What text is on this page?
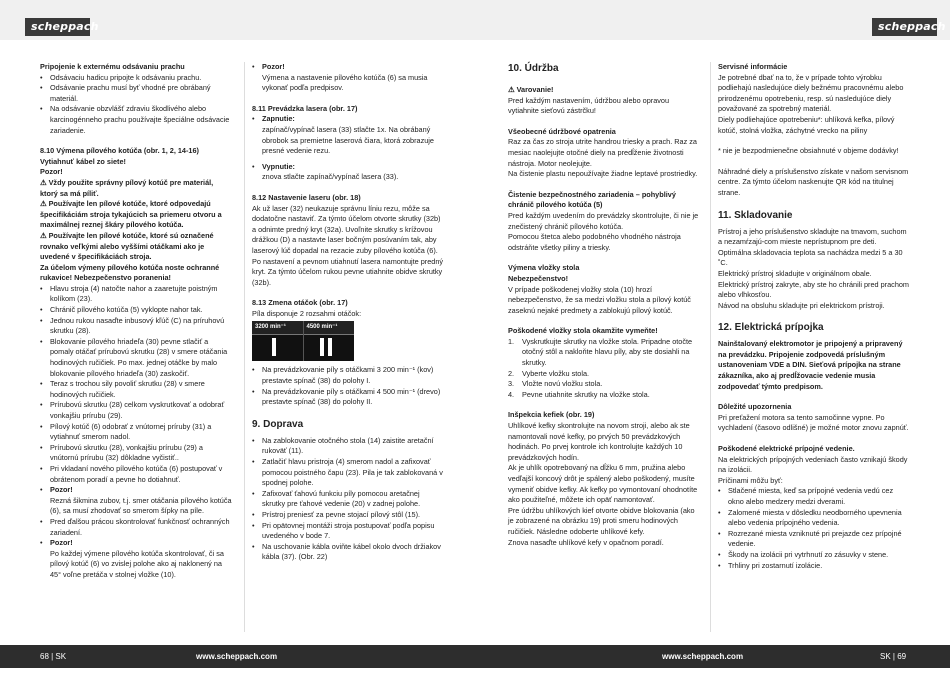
scheppach	scheppach

Pripojenie k externému odsávaniu prachu

• Odsávaciu hadicu pripojte k odsávaniu prachu.
• Odsávanie prachu musí byť vhodné pre obrábaný materiál.
• Na odsávanie obzvlášť zdraviu škodlivého alebo karcinogénneho prachu používajte špeciálne odsávacie zariadenie.

8.10 Výmena pílového kotúča (obr. 1, 2, 14-16)

Vytiahnuť kábel zo siete!

Pozor!

⚠ Vždy použite správny pílový kotúč pre materiál, ktorý sa má píliť.

⚠ Používajte len pílové kotúče, ktoré odpovedajú špecifikáciám stroja tykajúcich sa priemeru otvoru a maximálnej reznej škáry pílového kotúča.

⚠ Používajte len pílové kotúče, ktoré sú označené rovnako veľkými alebo vyššími otáčkami ako je uvedené v špecifikáciách stroja.

Za účelom výmeny pílového kotúča noste ochranné rukavice! Nebezpečenstvo poranenia!

• Hlavu stroja (4) natočte nahor a zaaretujte poistným kolíkom (23).
• Chránič pílového kotúča (5) vyklopte nahor tak.
• Jednou rukou nasaďte inbusový kľúč (C) na príruhovú skrutku (28).
• Blokovanie pílového hriadeľa (30) pevne stlačiť a pomaly otáčať prírubovú skrutku (28) v smere otáčania hodinových ručičiek. Po max. jednej otáčke by malo blokovanie pílového hriadeľa (30) zaskočiť.
• Teraz s trochou sily povoliť skrutku (28) v smere hodinových ručičiek.
• Prírubovú skrutku (28) celkom vyskrutkovať a odobrať vonkajšiu prírubu (29).
• Pílový kotúč (6) odobrať z vnútornej príruby (31) a vytiahnuť smerom nadol.
• Prírubovú skrutku (28), vonkajšiu prírubu (29) a vnútornú prírubu (32) dôkladne vyčistiť..
• Pri vkladaní nového pílového kotúča (6) postupovať v obrátenom poradí a pevne ho dotiahnuť.
• Pozor!

Rezná šikmina zubov, t.j. smer otáčania pílového kotúča (6), sa musí zhodovať so smerom šípky na píle.

• Pred ďalšou prácou skontrolovať funkčnosť ochranných zariadení.
• Pozor!

Po každej výmene pílového kotúča skontrolovať, či sa pílový kotúč (6) vo zvislej polohe ako aj naklonený na 45° voľne pretáča v stolnej vložke (10).

• Pozor!

Výmena a nastavenie pílového kotúča (6) sa musia vykonať podľa predpisov.

8.11 Prevádzka lasera (obr. 17)

• Zapnutie:

zapínač/vypínač lasera (33) stlačte 1x. Na obrábaný obrobok sa premietne laserová čiara, ktorá zobrazuje presné vedenie rezu.

• Vypnutie:

znova stlačte zapínač/vypínač lasera (33).

8.12 Nastavenie laseru (obr. 18)

Ak už laser (32) neukazuje správnu líniu rezu, môže sa dodatočne nastaviť. Za týmto účelom otvorte skrutky (32b) a odnimte predný kryt (32a). Uvoľnite skrutky s krížovou drážkou (D) a nastavte laser bočným posúvaním tak, aby laserový lúč dopadal na rezacie zuby pílového kotúča (6).

Po nastavení a pevnom utiahnutí lasera namontujte predný kryt. Za týmto účelom rukou pevne utiahnite obidve skrutky (32b).

8.13 Zmena otáčok (obr. 17)

Píla disponuje 2 rozsahmi otáčok:

3200 min⁻¹	4500 min⁻¹
• Na prevádzkovanie píly s otáčkami 3 200 min⁻¹ (kov) prestavte spínač (38) do polohy I.
• Na prevádzkovanie píly s otáčkami 4 500 min⁻¹ (drevo) prestavte spínač (38) do polohy II.

9. Doprava

• Na zablokovanie otočného stola (14) zaistite aretační rukoväť (11).
• Zatlačiť hlavu pristroja (4) smerom nadol a zafixovať pomocou poistného čapu (23). Pila je tak zablokovaná v spodnej polohe.
• Zafixovať ťahovú funkciu píly pomocou aretačnej skrutky pre ťahové vedenie (20) v zadnej polohe.
• Prístroj preniesť za pevne stojací pílový stôl (15).
• Pri opätovnej montáži stroja postupovať podľa popisu uvedeného v bode 7.
• Na uschovanie kábla oviňte kábel okolo dvoch držiakov kábla (37). (Obr. 22)

10. Údržba

⚠ Varovanie!

Pred každým nastavením, údržbou alebo opravou vytiahnite sieťovú zástrčku!

Všeobecné údržbové opatrenia

Raz za čas zo stroja utrite handrou triesky a prach. Raz za mesiac naolejujte otočné diely na predĺženie životnosti nástroja. Motor neolejujte.

Na čistenie plastu nepoužívajte žiadne leptavé prostriedky.

Čistenie bezpečnostného zariadenia – pohyblivý chránič pílového kotúča (5)

Pred každým uvedením do prevádzky skontrolujte, či nie je znečistený chránič pílového kotúča.

Pomocou štetca alebo podobného vhodného nástroja odstráňte všetky piliny a triesky.

Výmena vložky stola

Nebezpečenstvo!

V prípade poškodenej vložky stola (10) hrozí nebezpečenstvo, že sa medzi vložku stola a pílový kotúč zaseknú nejaké predmety a zablokujú pílový kotúč.

Poškodené vložky stola okamžite vymeňte!

1. Vyskrutkujte skrutky na vložke stola. Pripadne otočte otočný stôl a nakloňte hlavu píly, aby ste dosiahli na skrutky.
2. Vyberte vložku stola.
3. Vložte novú vložku stola.
4. Pevne utiahnite skrutky na vložke stola.

Inšpekcia kefiek (obr. 19)

Uhlíkové kefky skontrolujte na novom stroji, alebo ak ste namontovali nové kefky, po prvých 50 prevádzkových hodinách. Po prvej kontrole ich kontrolujte každých 10 prevádzkových hodín.

Ak je uhlík opotrebovaný na dĺžku 6 mm, pružina alebo vedľajší koncový drôt je spálený alebo poškodený, musíte vymeniť obidve kefky. Ak kefky po vymontovaní ohodnotíte ako použiteľné, môžete ich opäť namontovať.

Pre údržbu uhlíkových kief otvorte obidve blokovania (ako je zobrazené na obrázku 19) proti smeru hodinových ručičiek. Následne odoberte uhlíkové kefy.

Znova nasaďte uhlíkové kefy v opačnom poradí.

Servisné informácie

Je potrebné dbať na to, že v prípade tohto výrobku podliehajú nasledujúce diely bežnému pracovnému alebo prirodzenému opotrebeniu, resp. sú nasledujúce diely považované za spotrebný materiál.

Diely podliehajúce opotrebeniu*: uhlíková kefka, pílový kotúč, stolná vložka, záchytné vrecko na piliny

* nie je bezpodmienečne obsiahnuté v objeme dodávky!

Náhradné diely a príslušenstvo získate v našom servisnom centre. Za týmto účelom naskenujte QR kód na titulnej strane.

11. Skladovanie

Prístroj a jeho príslušenstvo skladujte na tmavom, suchom a nezamŕzajú-com mieste neprístupnom pre deti. Optimálna skladovacia teplota sa nachádza medzi 5 a 30 ˚C.

Elektrický prístroj skladujte v originálnom obale.

Elektrický prístroj zakryte, aby ste ho chránili pred prachom alebo vlhkosťou.

Návod na obsluhu skladujte pri elektrickom prístroji.

12. Elektrická prípojka

Nainštalovaný elektromotor je pripojený a pripravený na prevádzku. Pripojenie zodpovedá príslušným ustanoveniam VDE a DIN. Sieťová prípojka na strane zákazníka, ako aj predĺžovacie vedenie musia zodpovedať týmto predpisom.

Dôležité upozornenia

Pri preťažení motora sa tento samočinne vypne. Po vychladení (časovo odlišné) je možné motor znovu zapnúť.

Poškodené elektrické prípojné vedenie.

Na elektrických prípojných vedeniach často vznikajú škody na izolácii.

Príčinami môžu byť:

• Stlačené miesta, keď sa prípojné vedenia vedú cez okno alebo medzery medzi dverami.
• Zalomené miesta v dôsledku neodborného upevnenia alebo vedenia prípojného vedenia.
• Rozrezané miesta vzniknuté pri prejazde cez prípojné vedenie.
• Škody na izolácii pri vytrhnutí zo zásuvky v stene.
• Trhliny pri zostarnutí izolácie.
68 | SK	www.scheppach.com	www.scheppach.com	SK | 69
